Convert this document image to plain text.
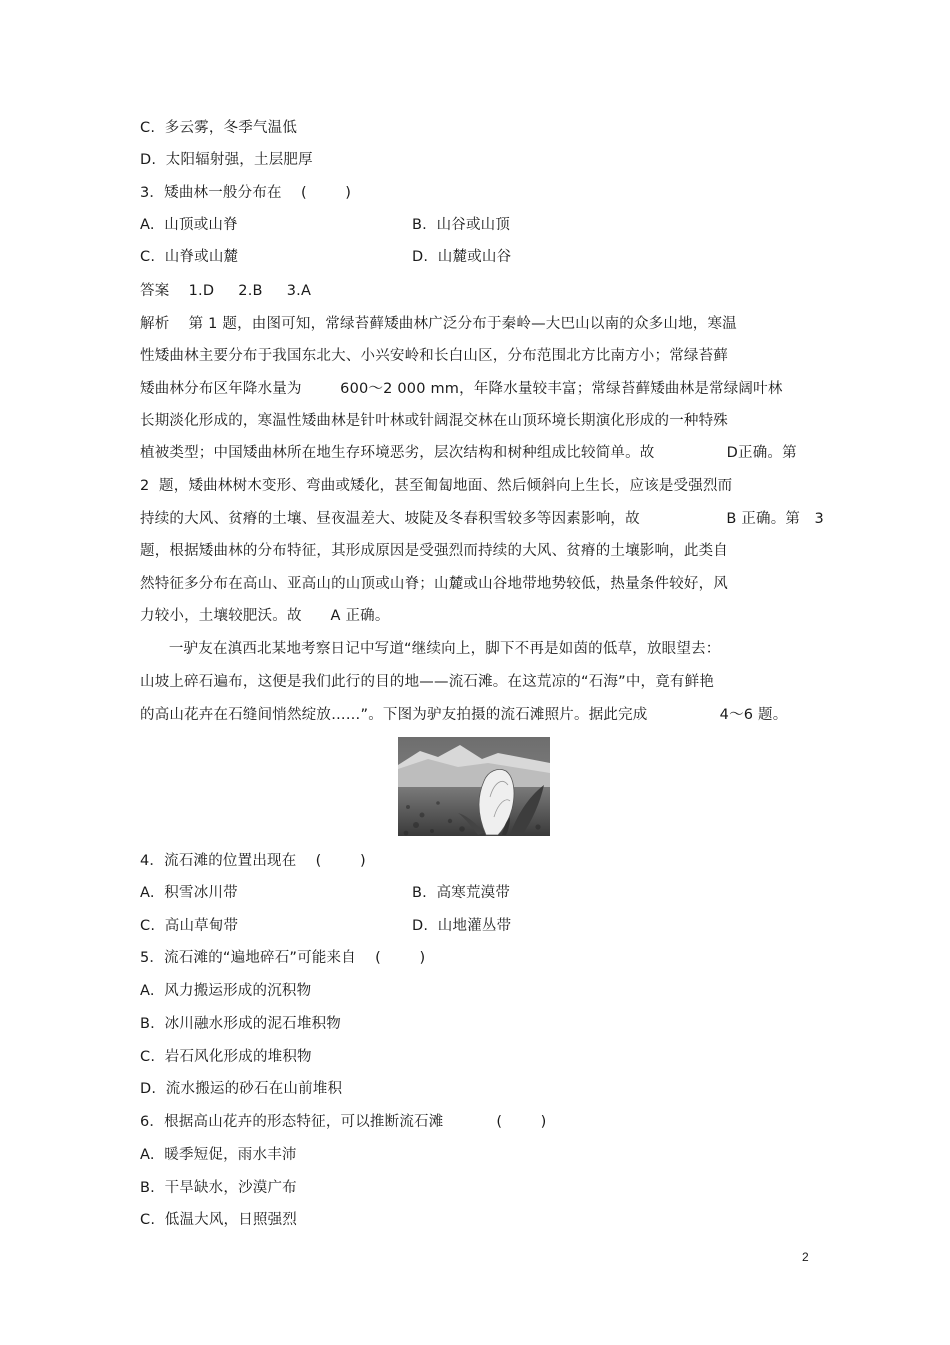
C.  多云雾，冬季气温低
D.  太阳辐射强，土层肥厚
3．矮曲林一般分布在    (        )
A.  山顶或山脊	B.  山谷或山顶
C.  山脊或山麓	D.  山麓或山谷
答案    1.D     2.B     3.A
解析    第 1 题，由图可知，常绿苔藓矮曲林广泛分布于秦岭—大巴山以南的众多山地，寒温
性矮曲林主要分布于我国东北大、小兴安岭和长白山区，分布范围北方比南方小；常绿苔藓
矮曲林分布区年降水量为        600～2 000 mm，年降水量较丰富；常绿苔藓矮曲林是常绿阔叶林
长期淡化形成的，寒温性矮曲林是针叶林或针阔混交林在山顶环境长期演化形成的一种特殊
植被类型；中国矮曲林所在地生存环境恶劣，层次结构和树种组成比较简单。故               D正确。第
2  题，矮曲林树木变形、弯曲或矮化，甚至匍匐地面、然后倾斜向上生长，应该是受强烈而
持续的大风、贫瘠的土壤、昼夜温差大、坡陡及冬春积雪较多等因素影响，故                  B 正确。第   3
题，根据矮曲林的分布特征，其形成原因是受强烈而持续的大风、贫瘠的土壤影响，此类自
然特征多分布在高山、亚高山的山顶或山脊；山麓或山谷地带地势较低，热量条件较好，风
力较小，土壤较肥沃。故      A 正确。
一驴友在滇西北某地考察日记中写道“继续向上，脚下不再是如茵的低草，放眼望去：
山坡上碎石遍布，这便是我们此行的目的地——流石滩。在这荒凉的“石海”中，竟有鲜艳
的高山花卉在石缝间悄然绽放……”。下图为驴友拍摄的流石滩照片。据此完成               4～6 题。
4．流石滩的位置出现在    (        )
A.  积雪冰川带	B.  高寒荒漠带
C.  高山草甸带	D.  山地灌丛带
5．流石滩的“遍地碎石”可能来自    (        )
A.  风力搬运形成的沉积物
B.  冰川融水形成的泥石堆积物
C.  岩石风化形成的堆积物
D.  流水搬运的砂石在山前堆积
6．根据高山花卉的形态特征，可以推断流石滩           (        )
A.  暖季短促，雨水丰沛
B.  干旱缺水，沙漠广布
C.  低温大风，日照强烈
2
